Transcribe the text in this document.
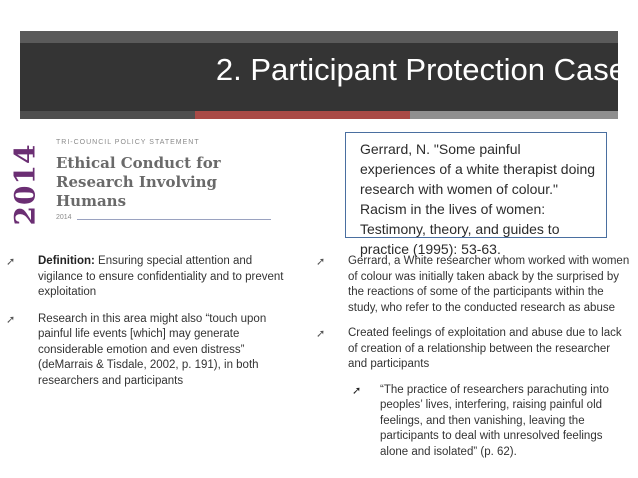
2. Participant Protection Case
2014
TRI-COUNCIL POLICY STATEMENT
Ethical Conduct for Research Involving Humans
2014
Gerrard, N. "Some painful experiences of a white therapist doing research with women of colour." Racism in the lives of women: Testimony, theory, and guides to practice (1995): 53-63.
➚ Definition: Ensuring special attention and vigilance to ensure confidentiality and to prevent exploitation
➚ Research in this area might also “touch upon painful life events [which] may generate considerable emotion and even distress” (deMarrais & Tisdale, 2002, p. 191), in both researchers and participants
➚ Gerrard, a White researcher whom worked with women of colour was initially taken aback by the surprised by the reactions of some of the participants within the study, who refer to the conducted research as abuse
➚ Created feelings of exploitation and abuse due to lack of creation of a relationship between the researcher and participants
➚ “The practice of researchers parachuting into peoples’ lives, interfering, raising painful old feelings, and then vanishing, leaving the participants to deal with unresolved feelings alone and isolated” (p. 62).
